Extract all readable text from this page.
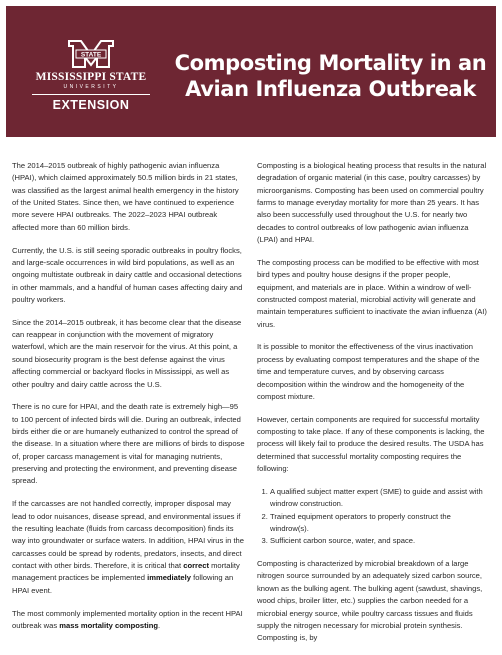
STATE
MISSISSIPPI STATE
UNIVERSITY
EXTENSION
Composting Mortality in an
Avian Influenza Outbreak

The 2014–2015 outbreak of highly pathogenic avian influenza (HPAI), which claimed approximately 50.5 million birds in 21 states, was classified as the largest animal health emergency in the history of the United States. Since then, we have continued to experience more severe HPAI outbreaks. The 2022–2023 HPAI outbreak affected more than 60 million birds.

Currently, the U.S. is still seeing sporadic outbreaks in poultry flocks, and large-scale occurrences in wild bird populations, as well as an ongoing multistate outbreak in dairy cattle and occasional detections in other mammals, and a handful of human cases affecting dairy and poultry workers.

Since the 2014–2015 outbreak, it has become clear that the disease can reappear in conjunction with the movement of migratory waterfowl, which are the main reservoir for the virus. At this point, a sound biosecurity program is the best defense against the virus affecting commercial or backyard flocks in Mississippi, as well as other poultry and dairy cattle across the U.S.

There is no cure for HPAI, and the death rate is extremely high—95 to 100 percent of infected birds will die. During an outbreak, infected birds either die or are humanely euthanized to control the spread of the disease. In a situation where there are millions of birds to dispose of, proper carcass management is vital for managing nutrients, preserving and protecting the environment, and preventing disease spread.

If the carcasses are not handled correctly, improper disposal may lead to odor nuisances, disease spread, and environmental issues if the resulting leachate (fluids from carcass decomposition) finds its way into groundwater or surface waters. In addition, HPAI virus in the carcasses could be spread by rodents, predators, insects, and direct contact with other birds. Therefore, it is critical that correct mortality management practices be implemented immediately following an HPAI event.

The most commonly implemented mortality option in the recent HPAI outbreak was mass mortality composting.

Composting is a biological heating process that results in the natural degradation of organic material (in this case, poultry carcasses) by microorganisms. Composting has been used on commercial poultry farms to manage everyday mortality for more than 25 years. It has also been successfully used throughout the U.S. for nearly two decades to control outbreaks of low pathogenic avian influenza (LPAI) and HPAI.

The composting process can be modified to be effective with most bird types and poultry house designs if the proper people, equipment, and materials are in place. Within a windrow of well-constructed compost material, microbial activity will generate and maintain temperatures sufficient to inactivate the avian influenza (AI) virus.

It is possible to monitor the effectiveness of the virus inactivation process by evaluating compost temperatures and the shape of the time and temperature curves, and by observing carcass decomposition within the windrow and the homogeneity of the compost mixture.

However, certain components are required for successful mortality composting to take place. If any of these components is lacking, the process will likely fail to produce the desired results. The USDA has determined that successful mortality composting requires the following:

1. A qualified subject matter expert (SME) to guide and assist with windrow construction.
2. Trained equipment operators to properly construct the windrow(s).
3. Sufficient carbon source, water, and space.

Composting is characterized by microbial breakdown of a large nitrogen source surrounded by an adequately sized carbon source, known as the bulking agent. The bulking agent (sawdust, shavings, wood chips, broiler litter, etc.) supplies the carbon needed for a microbial energy source, while poultry carcass tissues and fluids supply the nitrogen necessary for microbial protein synthesis. Composting is, by
